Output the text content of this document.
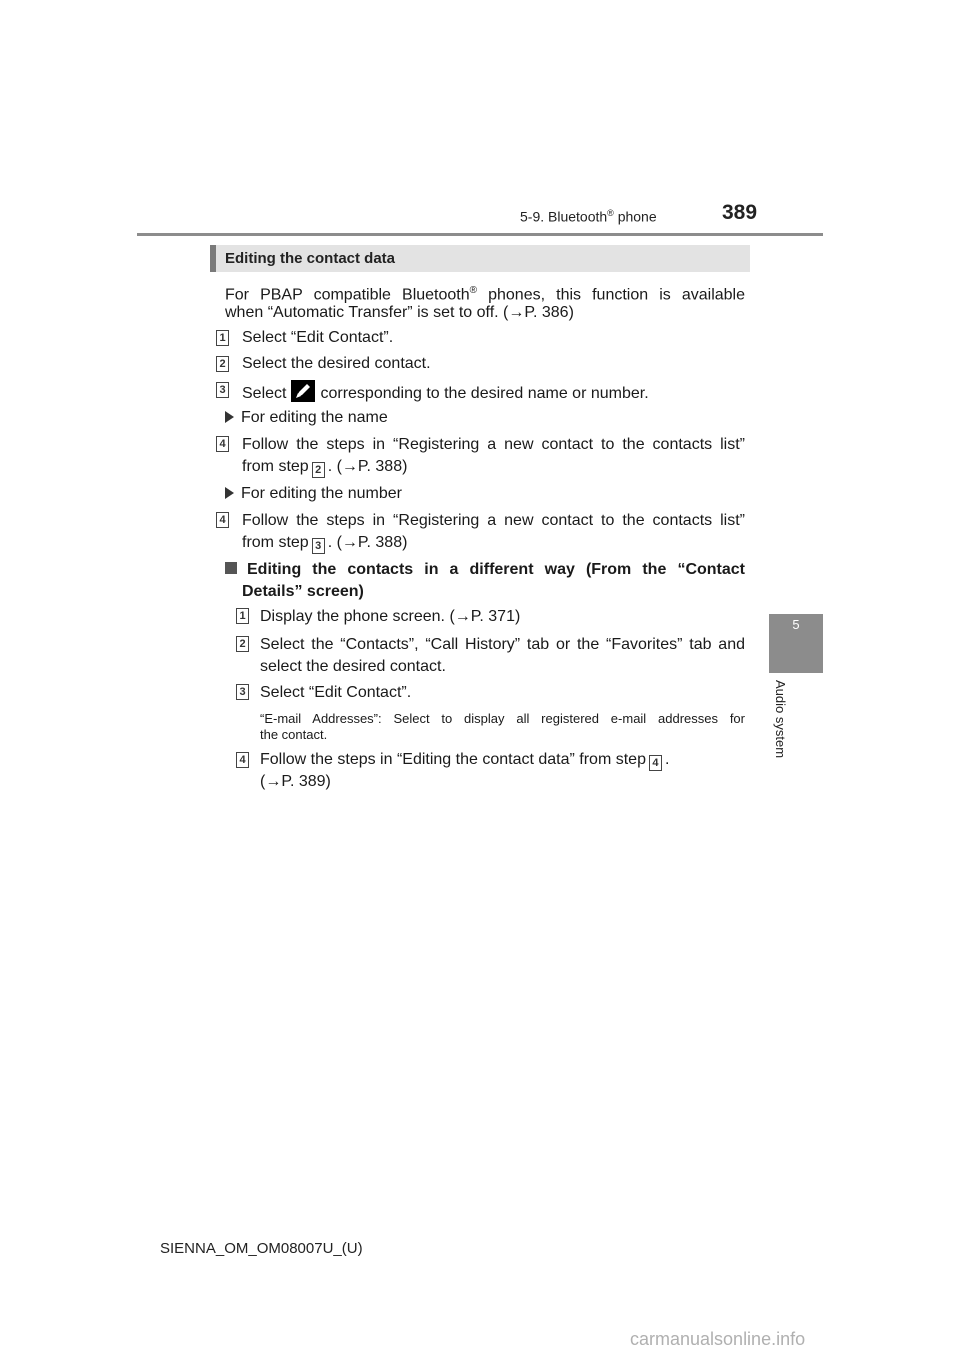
5-9. Bluetooth® phone	389
5
Audio system
Editing the contact data
For PBAP compatible Bluetooth® phones, this function is available
when “Automatic Transfer” is set to off. (→P. 386)
1 Select “Edit Contact”.
2 Select the desired contact.
3 Select corresponding to the desired name or number.
For editing the name
4 Follow the steps in “Registering a new contact to the contacts list”
from step 2 . (→P. 388)
For editing the number
4 Follow the steps in “Registering a new contact to the contacts list”
from step 3 . (→P. 388)
Editing the contacts in a different way (From the “Contact
Details” screen)
1 Display the phone screen. (→P. 371)
2 Select the “Contacts”, “Call History” tab or the “Favorites” tab and
select the desired contact.
3 Select “Edit Contact”.
“E-mail Addresses”: Select to display all registered e-mail addresses for
the contact.
4 Follow the steps in “Editing the contact data” from step 4 .
(→P. 389)
SIENNA_OM_OM08007U_(U)
carmanualsonline.info
